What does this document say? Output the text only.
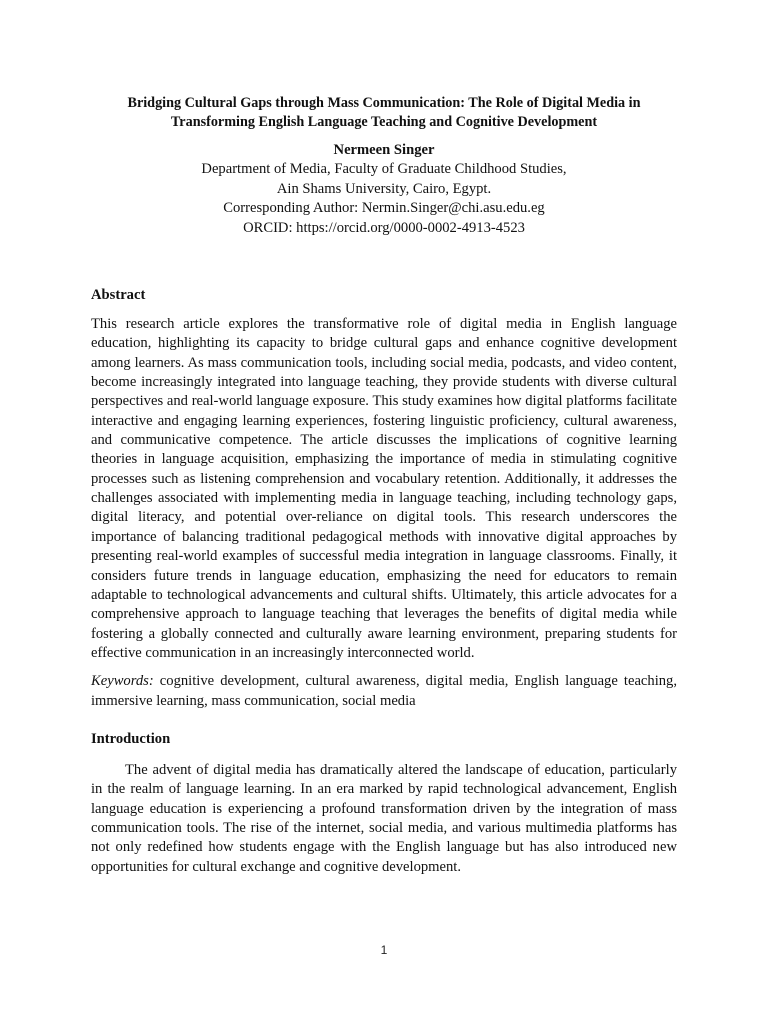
Bridging Cultural Gaps through Mass Communication: The Role of Digital Media in
Transforming English Language Teaching and Cognitive Development
Nermeen Singer
Department of Media, Faculty of Graduate Childhood Studies,
Ain Shams University, Cairo, Egypt.
Corresponding Author: Nermin.Singer@chi.asu.edu.eg
ORCID: https://orcid.org/0000-0002-4913-4523
Abstract

This research article explores the transformative role of digital media in English language education, highlighting its capacity to bridge cultural gaps and enhance cognitive development among learners. As mass communication tools, including social media, podcasts, and video content, become increasingly integrated into language teaching, they provide students with diverse cultural perspectives and real-world language exposure. This study examines how digital platforms facilitate interactive and engaging learning experiences, fostering linguistic proficiency, cultural awareness, and communicative competence. The article discusses the implications of cognitive learning theories in language acquisition, emphasizing the importance of media in stimulating cognitive processes such as listening comprehension and vocabulary retention. Additionally, it addresses the challenges associated with implementing media in language teaching, including technology gaps, digital literacy, and potential over-reliance on digital tools. This research underscores the importance of balancing traditional pedagogical methods with innovative digital approaches by presenting real-world examples of successful media integration in language classrooms. Finally, it considers future trends in language education, emphasizing the need for educators to remain adaptable to technological advancements and cultural shifts. Ultimately, this article advocates for a comprehensive approach to language teaching that leverages the benefits of digital media while fostering a globally connected and culturally aware learning environment, preparing students for effective communication in an increasingly interconnected world.

Keywords: cognitive development, cultural awareness, digital media, English language teaching, immersive learning, mass communication, social media

Introduction

The advent of digital media has dramatically altered the landscape of education, particularly in the realm of language learning. In an era marked by rapid technological advancement, English language education is experiencing a profound transformation driven by the integration of mass communication tools. The rise of the internet, social media, and various multimedia platforms has not only redefined how students engage with the English language but has also introduced new opportunities for cultural exchange and cognitive development.

1
